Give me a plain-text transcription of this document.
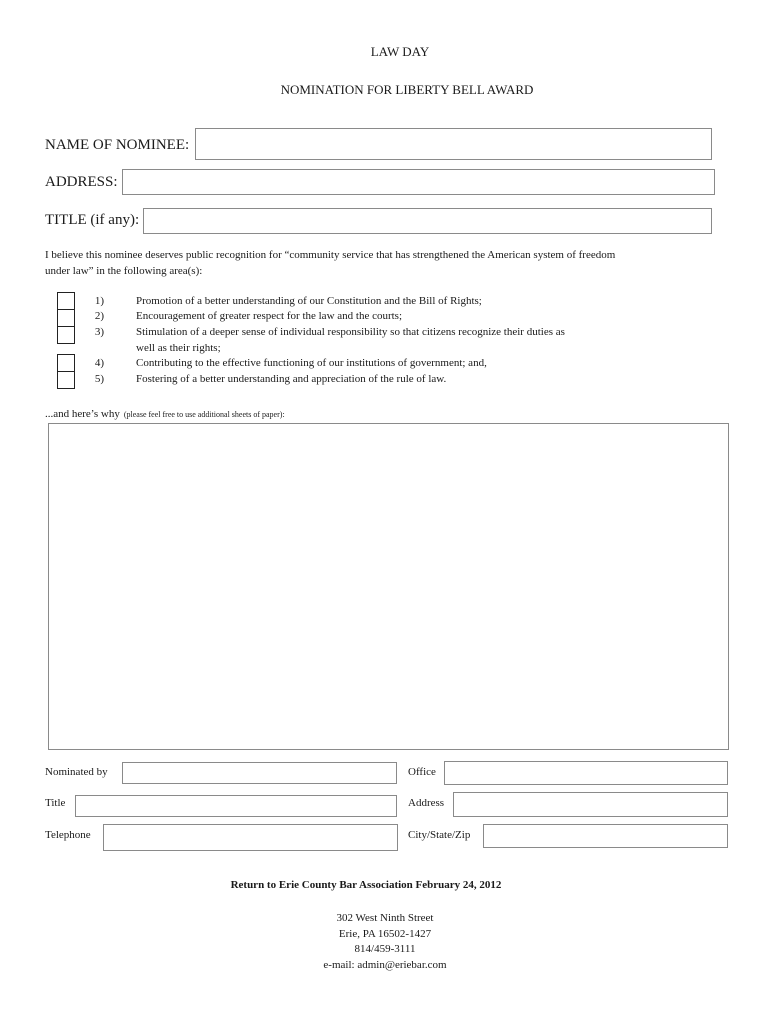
LAW DAY
NOMINATION FOR LIBERTY BELL AWARD
NAME OF NOMINEE:
ADDRESS:
TITLE (if any):
I believe this nominee deserves public recognition for “community service that has strengthened the American system of freedom
under law” in the following area(s):
1)	Promotion of a better understanding of our Constitution and the Bill of Rights;
2)	Encouragement of greater respect for the law and the courts;
3)	Stimulation of a deeper sense of individual responsibility so that citizens recognize their duties as
well as their rights;
4)	Contributing to the effective functioning of our institutions of government; and,
5)	Fostering of a better understanding and appreciation of the rule of law.
...and here’s why (please feel free to use additional sheets of paper):
Nominated by	Office
Title	Address
Telephone	City/State/Zip
Return to Erie County Bar Association February 24, 2012
302 West Ninth Street
Erie, PA 16502-1427
814/459-3111
e-mail: admin@eriebar.com
